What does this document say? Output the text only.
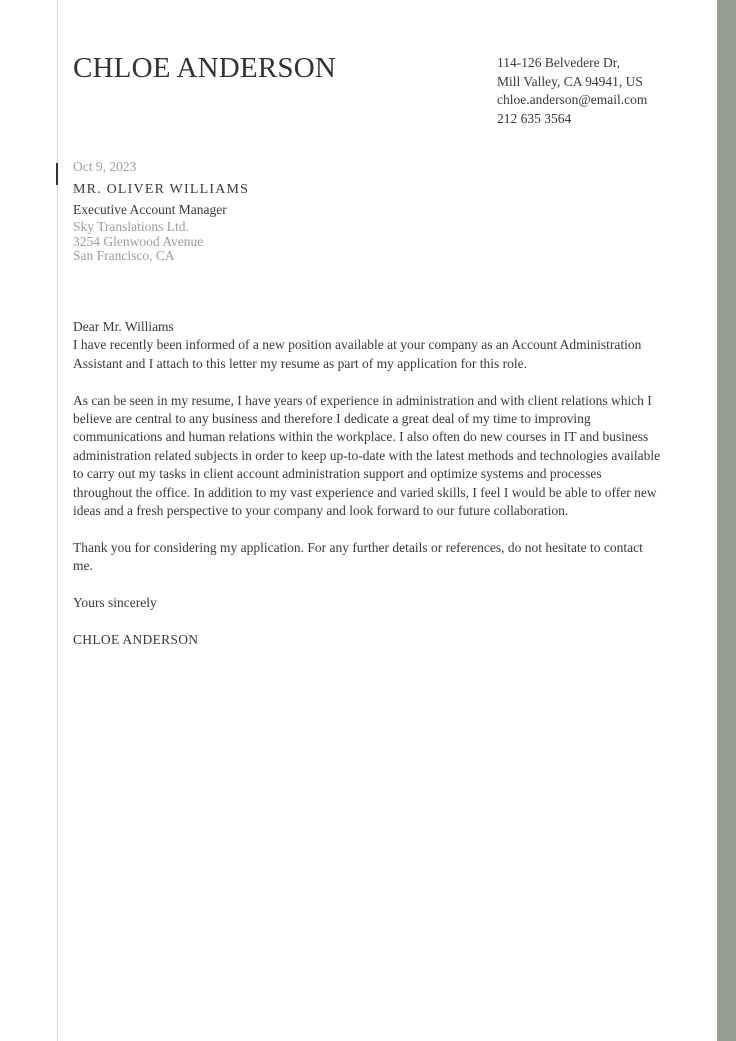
CHLOE ANDERSON	114-126 Belvedere Dr,
Mill Valley, CA 94941, US
chloe.anderson@email.com
212 635 3564
Oct 9, 2023
MR. OLIVER WILLIAMS
Executive Account Manager
Sky Translations Ltd.
3254 Glenwood Avenue
San Francisco, CA

Dear Mr. Williams

I have recently been informed of a new position available at your company as an Account Administration Assistant and I attach to this letter my resume as part of my application for this role.

As can be seen in my resume, I have years of experience in administration and with client relations which I believe are central to any business and therefore I dedicate a great deal of my time to improving communications and human relations within the workplace. I also often do new courses in IT and business administration related subjects in order to keep up-to-date with the latest methods and technologies available to carry out my tasks in client account administration support and optimize systems and processes throughout the office. In addition to my vast experience and varied skills, I feel I would be able to offer new ideas and a fresh perspective to your company and look forward to our future collaboration.

Thank you for considering my application. For any further details or references, do not hesitate to contact me.

Yours sincerely

CHLOE ANDERSON
